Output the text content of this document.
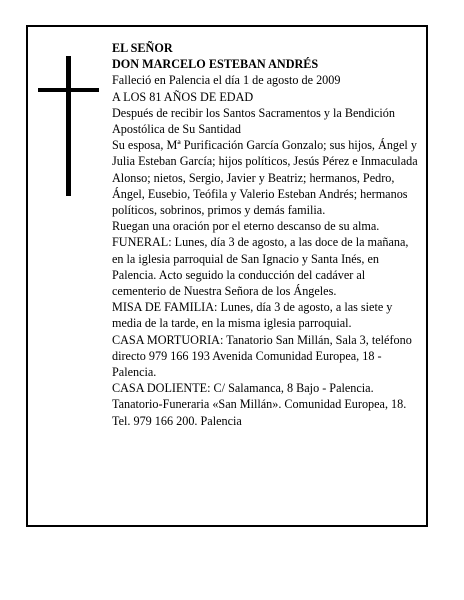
EL SEÑOR

DON MARCELO ESTEBAN ANDRÉS

Falleció en Palencia el día 1 de agosto de 2009

A LOS 81 AÑOS DE EDAD

Después de recibir los Santos Sacramentos y la Bendición Apostólica de Su Santidad

Su esposa, Mª Purificación García Gonzalo; sus hijos, Ángel y Julia Esteban García; hijos políticos, Jesús Pérez e Inmaculada Alonso; nietos, Sergio, Javier y Beatriz; hermanos, Pedro, Ángel, Eusebio, Teófila y Valerio Esteban Andrés; hermanos políticos, sobrinos, primos y demás familia.

Ruegan una oración por el eterno descanso de su alma.

FUNERAL: Lunes, día 3 de agosto, a las doce de la mañana, en la iglesia parroquial de San Ignacio y Santa Inés, en Palencia. Acto seguido la conducción del cadáver al cementerio de Nuestra Señora de los Ángeles.

MISA DE FAMILIA: Lunes, día 3 de agosto, a las siete y media de la tarde, en la misma iglesia parroquial.

CASA MORTUORIA: Tanatorio San Millán, Sala 3, teléfono directo 979 166 193 Avenida Comunidad Europea, 18 - Palencia.

CASA DOLIENTE: C/ Salamanca, 8 Bajo - Palencia.

Tanatorio-Funeraria «San Millán». Comunidad Europea, 18. Tel. 979 166 200. Palencia
